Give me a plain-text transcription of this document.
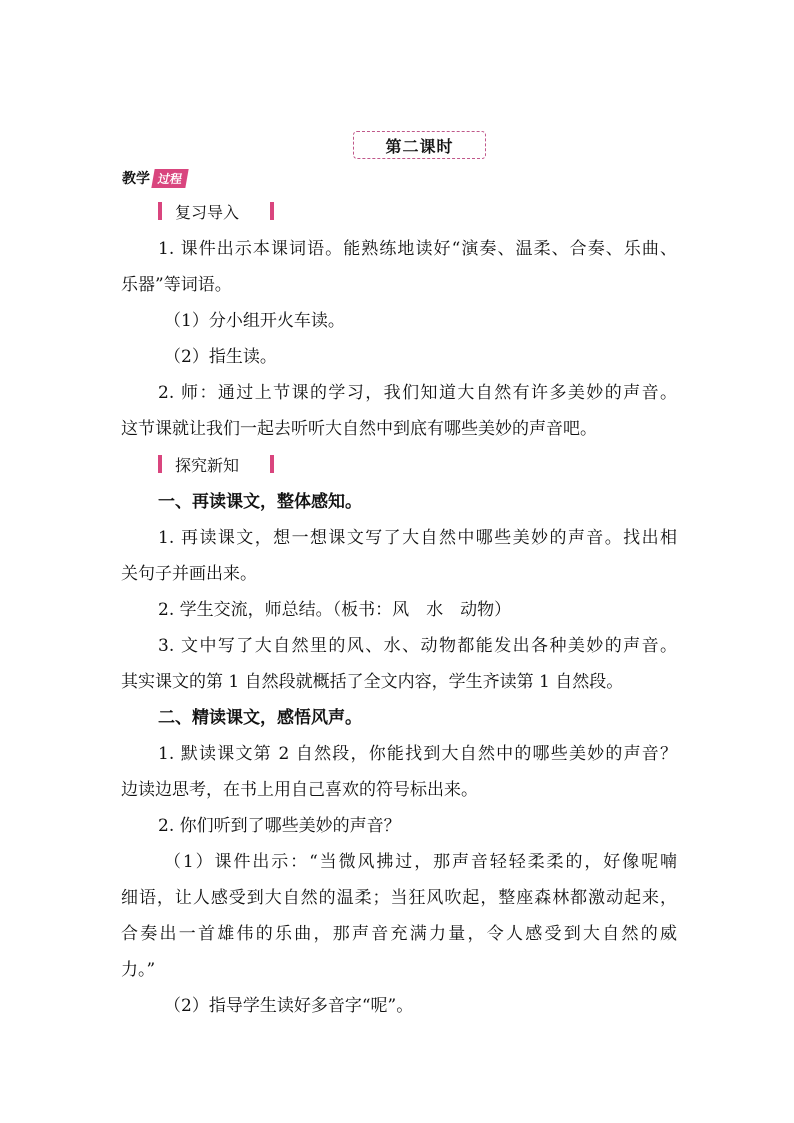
第二课时
教学 过程
复习导入
1. 课件出示本课词语。能熟练地读好“演奏、温柔、合奏、乐曲、
乐器”等词语。
（1）分小组开火车读。
（2）指生读。
2. 师：通过上节课的学习，我们知道大自然有许多美妙的声音。
这节课就让我们一起去听听大自然中到底有哪些美妙的声音吧。
探究新知
一、再读课文，整体感知。
1. 再读课文，想一想课文写了大自然中哪些美妙的声音。找出相
关句子并画出来。
2. 学生交流，师总结。（板书：风　水　动物）
3. 文中写了大自然里的风、水、动物都能发出各种美妙的声音。
其实课文的第 1 自然段就概括了全文内容，学生齐读第 1 自然段。
二、精读课文，感悟风声。
1. 默读课文第 2 自然段，你能找到大自然中的哪些美妙的声音？
边读边思考，在书上用自己喜欢的符号标出来。
2. 你们听到了哪些美妙的声音？
（1）课件出示：“当微风拂过，那声音轻轻柔柔的，好像呢喃
细语，让人感受到大自然的温柔；当狂风吹起，整座森林都激动起来，
合奏出一首雄伟的乐曲，那声音充满力量，令人感受到大自然的威
力。”
（2）指导学生读好多音字“呢”。
